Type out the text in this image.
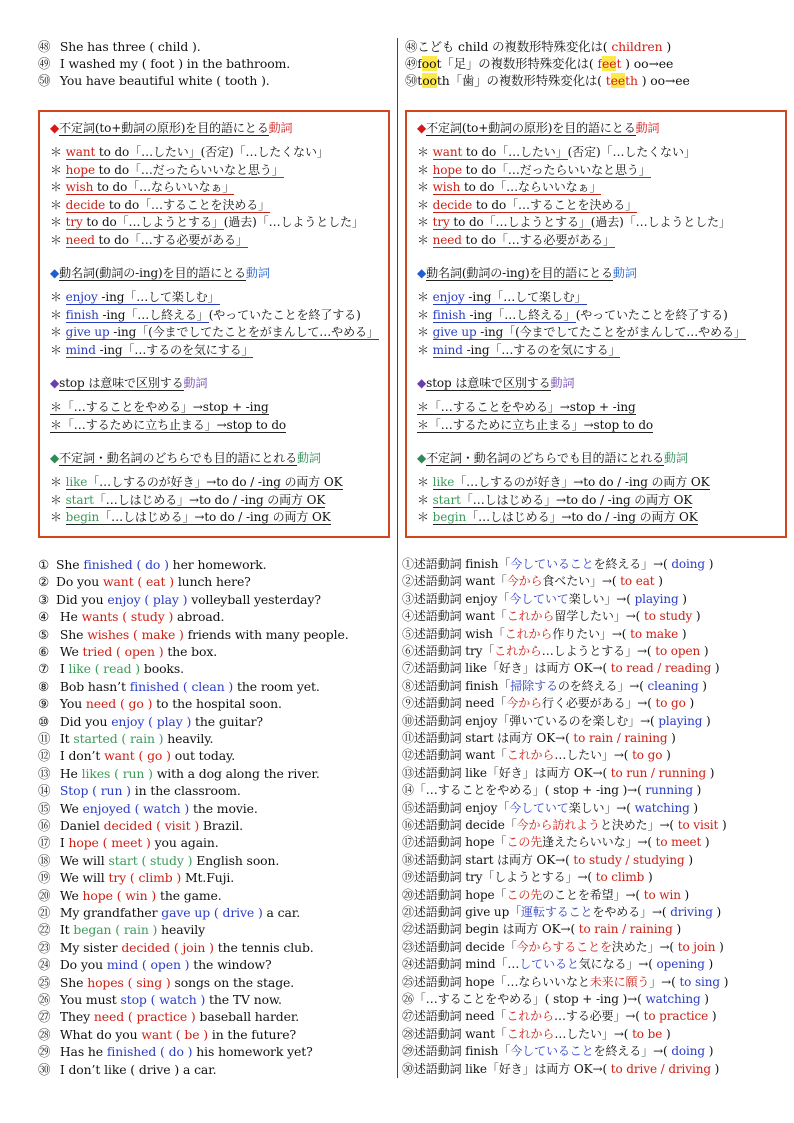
㊽ She has three ( child ).
㊾ I washed my ( foot ) in the bathroom.
㊿ You have beautiful white ( tooth ).
◆不定詞(to+動詞の原形)を目的語にとる動詞
＊ want to do「…したい」(否定)「…したくない」
＊ hope to do「…だったらいいなと思う」
＊ wish to do「…ならいいなぁ」
＊ decide to do「…することを決める」
＊ try to do「…しようとする」(過去)「…しようとした」
＊ need to do「…する必要がある」
◆動名詞(動詞の-ing)を目的語にとる動詞
＊ enjoy -ing「…して楽しむ」
＊ finish -ing「…し終える」(やっていたことを終了する)
＊ give up -ing「(今までしてたことをがまんして…やめる」
＊ mind -ing「…するのを気にする」
◆stop は意味で区別する動詞
＊「…することをやめる」→stop + -ing
＊「…するために立ち止まる」→stop to do
◆不定詞・動名詞のどちらでも目的語にとれる動詞
＊ like「…しするのが好き」→to do / -ing の両方 OK
＊ start「…しはじめる」→to do / -ing の両方 OK
＊ begin「…しはじめる」→to do / -ing の両方 OK
① She finished ( do ) her homework.
② Do you want ( eat ) lunch here?
③ Did you enjoy ( play ) volleyball yesterday?
④ He wants ( study ) abroad.
⑤ She wishes ( make ) friends with many people.
⑥ We tried ( open ) the box.
⑦ I like ( read ) books.
⑧ Bob hasn’t finished ( clean ) the room yet.
⑨ You need ( go ) to the hospital soon.
⑩ Did you enjoy ( play ) the guitar?
⑪ It started ( rain ) heavily.
⑫ I don’t want ( go ) out today.
⑬ He likes ( run ) with a dog along the river.
⑭ Stop ( run ) in the classroom.
⑮ We enjoyed ( watch ) the movie.
⑯ Daniel decided ( visit ) Brazil.
⑰ I hope ( meet ) you again.
⑱ We will start ( study ) English soon.
⑲ We will try ( climb ) Mt.Fuji.
⑳ We hope ( win ) the game.
㉑ My grandfather gave up ( drive ) a car.
㉒ It began ( rain ) heavily
㉓ My sister decided ( join ) the tennis club.
㉔ Do you mind ( open ) the window?
㉕ She hopes ( sing ) songs on the stage.
㉖ You must stop ( watch ) the TV now.
㉗ They need ( practice ) baseball harder.
㉘ What do you want ( be ) in the future?
㉙ Has he finished ( do ) his homework yet?
㉚ I don’t like ( drive ) a car.
㊽こども child の複数形特殊変化は( children )
㊾foot「足」の複数形特殊変化は( feet ) oo→ee
㊿tooth「歯」の複数形特殊変化は( teeth ) oo→ee
◆不定詞(to+動詞の原形)を目的語にとる動詞
＊ want to do「…したい」(否定)「…したくない」
＊ hope to do「…だったらいいなと思う」
＊ wish to do「…ならいいなぁ」
＊ decide to do「…することを決める」
＊ try to do「…しようとする」(過去)「…しようとした」
＊ need to do「…する必要がある」
◆動名詞(動詞の-ing)を目的語にとる動詞
＊ enjoy -ing「…して楽しむ」
＊ finish -ing「…し終える」(やっていたことを終了する)
＊ give up -ing「(今までしてたことをがまんして…やめる」
＊ mind -ing「…するのを気にする」
◆stop は意味で区別する動詞
＊「…することをやめる」→stop + -ing
＊「…するために立ち止まる」→stop to do
◆不定詞・動名詞のどちらでも目的語にとれる動詞
＊ like「…しするのが好き」→to do / -ing の両方 OK
＊ start「…しはじめる」→to do / -ing の両方 OK
＊ begin「…しはじめる」→to do / -ing の両方 OK
①述語動詞 finish「今していることを終える」→( doing )
②述語動詞 want「今から食べたい」→( to eat )
③述語動詞 enjoy「今していて楽しい」→( playing )
④述語動詞 want「これから留学したい」→( to study )
⑤述語動詞 wish「これから作りたい」→( to make )
⑥述語動詞 try「これから…しようとする」→( to open )
⑦述語動詞 like「好き」は両方 OK→( to read / reading )
⑧述語動詞 finish「掃除するのを終える」→( cleaning )
⑨述語動詞 need「今から行く必要がある」→( to go )
⑩述語動詞 enjoy「弾いているのを楽しむ」→( playing )
⑪述語動詞 start は両方 OK→( to rain / raining )
⑫述語動詞 want「これから…したい」→( to go )
⑬述語動詞 like「好き」は両方 OK→( to run / running )
⑭「…することをやめる」( stop + -ing )→( running )
⑮述語動詞 enjoy「今していて楽しい」→( watching )
⑯述語動詞 decide「今から訪れようと決めた」→( to visit )
⑰述語動詞 hope「この先逢えたらいいな」→( to meet )
⑱述語動詞 start は両方 OK→( to study / studying )
⑲述語動詞 try「しようとする」→( to climb )
⑳述語動詞 hope「この先のことを希望」→( to win )
㉑述語動詞 give up「運転することをやめる」→( driving )
㉒述語動詞 begin は両方 OK→( to rain / raining )
㉓述語動詞 decide「今からすることを決めた」→( to join )
㉔述語動詞 mind「…していると気になる」→( opening )
㉕述語動詞 hope「…ならいいなと未来に願う」→( to sing )
㉖「…することをやめる」( stop + -ing )→( watching )
㉗述語動詞 need「これから…する必要」→( to practice )
㉘述語動詞 want「これから…したい」→( to be )
㉙述語動詞 finish「今していることを終える」→( doing )
㉚述語動詞 like「好き」は両方 OK→( to drive / driving )
